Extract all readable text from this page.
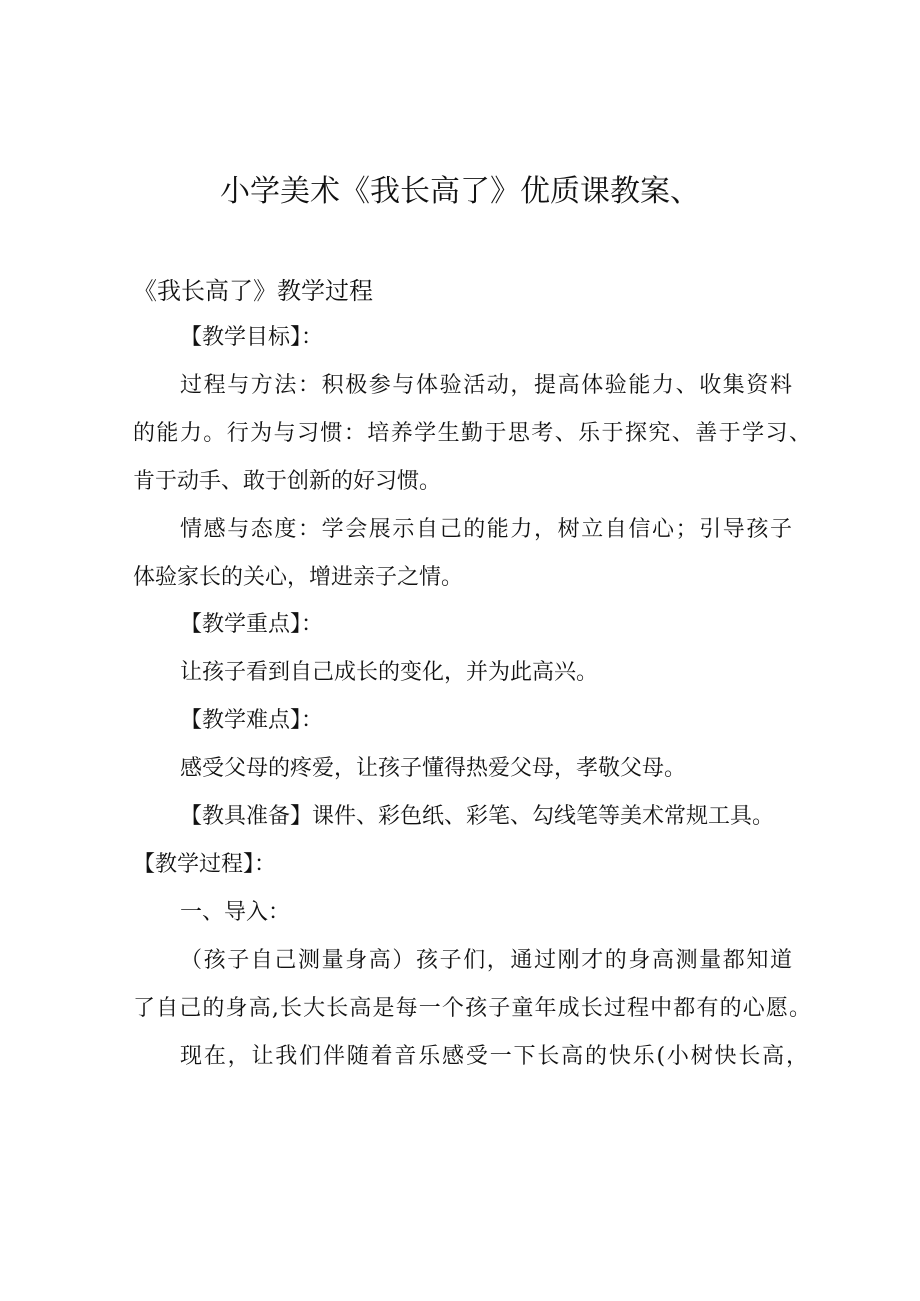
小学美术《我长高了》优质课教案、
《我长高了》教学过程
【教学目标】：
过程与方法：积极参与体验活动，提高体验能力、收集资料
的能力。行为与习惯：培养学生勤于思考、乐于探究、善于学习、
肯于动手、敢于创新的好习惯。
情感与态度：学会展示自己的能力，树立自信心；引导孩子
体验家长的关心，增进亲子之情。
【教学重点】：
让孩子看到自己成长的变化，并为此高兴。
【教学难点】：
感受父母的疼爱，让孩子懂得热爱父母，孝敬父母。
【教具准备】课件、彩色纸、彩笔、勾线笔等美术常规工具。
【教学过程】：
一、导入：
（孩子自己测量身高）孩子们，通过刚才的身高测量都知道
了自己的身高,长大长高是每一个孩子童年成长过程中都有的心愿。
现在，让我们伴随着音乐感受一下长高的快乐(小树快长高，
